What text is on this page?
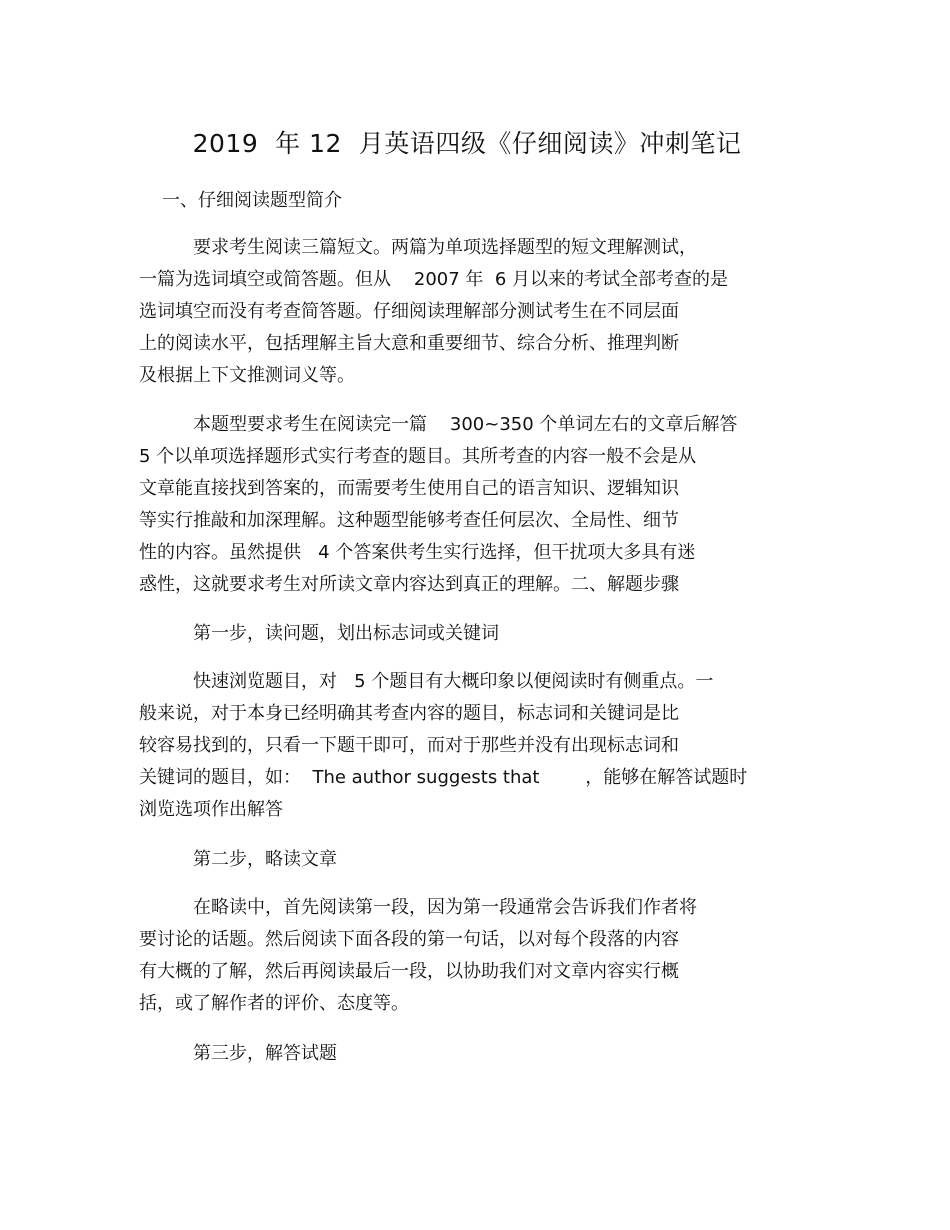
2019  年 12  月英语四级《仔细阅读》冲刺笔记
一、仔细阅读题型简介
要求考生阅读三篇短文。两篇为单项选择题型的短文理解测试，
一篇为选词填空或简答题。但从    2007 年  6 月以来的考试全部考查的是
选词填空而没有考查简答题。仔细阅读理解部分测试考生在不同层面
上的阅读水平，包括理解主旨大意和重要细节、综合分析、推理判断
及根据上下文推测词义等。
本题型要求考生在阅读完一篇    300~350 个单词左右的文章后解答
5 个以单项选择题形式实行考查的题目。其所考查的内容一般不会是从
文章能直接找到答案的，而需要考生使用自己的语言知识、逻辑知识
等实行推敲和加深理解。这种题型能够考查任何层次、全局性、细节
性的内容。虽然提供   4 个答案供考生实行选择，但干扰项大多具有迷
惑性，这就要求考生对所读文章内容达到真正的理解。二、解题步骤
第一步，读问题，划出标志词或关键词
快速浏览题目，对   5 个题目有大概印象以便阅读时有侧重点。一
般来说，对于本身已经明确其考查内容的题目，标志词和关键词是比
较容易找到的，只看一下题干即可，而对于那些并没有出现标志词和
关键词的题目，如：  The author suggests that        ，能够在解答试题时
浏览选项作出解答
第二步，略读文章
在略读中，首先阅读第一段，因为第一段通常会告诉我们作者将
要讨论的话题。然后阅读下面各段的第一句话，以对每个段落的内容
有大概的了解，然后再阅读最后一段，以协助我们对文章内容实行概
括，或了解作者的评价、态度等。
第三步，解答试题
